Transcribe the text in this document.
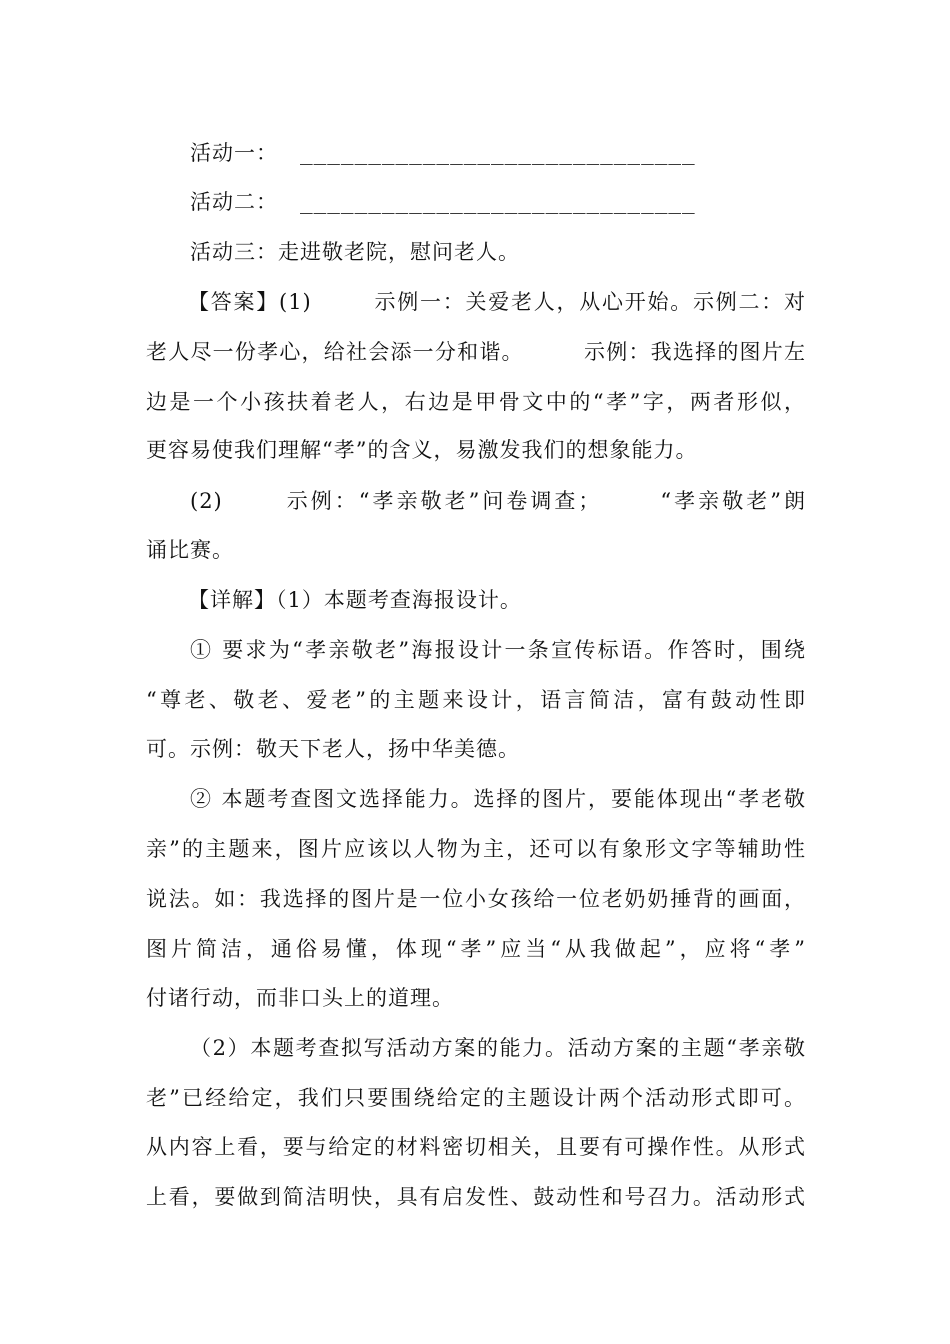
活动一： _____________________________
活动二： _____________________________
活动三：走进敬老院，慰问老人。
【答案】(1)	示例一：关爱老人，从心开始。示例二：对
老人尽一份孝心，给社会添一分和谐。	示例：我选择的图片左
边是一个小孩扶着老人，右边是甲骨文中的“孝”字，两者形似，
更容易使我们理解“孝”的含义，易激发我们的想象能力。
(2)	示例：“孝亲敬老”问卷调查；	“孝亲敬老”朗
诵比赛。
【详解】（1）本题考查海报设计。
① 要求为“孝亲敬老”海报设计一条宣传标语。作答时，围绕
“尊老、敬老、爱老”的主题来设计，语言简洁，富有鼓动性即
可。示例：敬天下老人，扬中华美德。
② 本题考查图文选择能力。选择的图片，要能体现出“孝老敬
亲”的主题来，图片应该以人物为主，还可以有象形文字等辅助性
说法。如：我选择的图片是一位小女孩给一位老奶奶捶背的画面，
图片简洁，通俗易懂，体现“孝”应当“从我做起”，应将“孝”
付诸行动，而非口头上的道理。
（2）本题考查拟写活动方案的能力。活动方案的主题“孝亲敬
老”已经给定，我们只要围绕给定的主题设计两个活动形式即可。
从内容上看，要与给定的材料密切相关，且要有可操作性。从形式
上看，要做到简洁明快，具有启发性、鼓动性和号召力。活动形式
